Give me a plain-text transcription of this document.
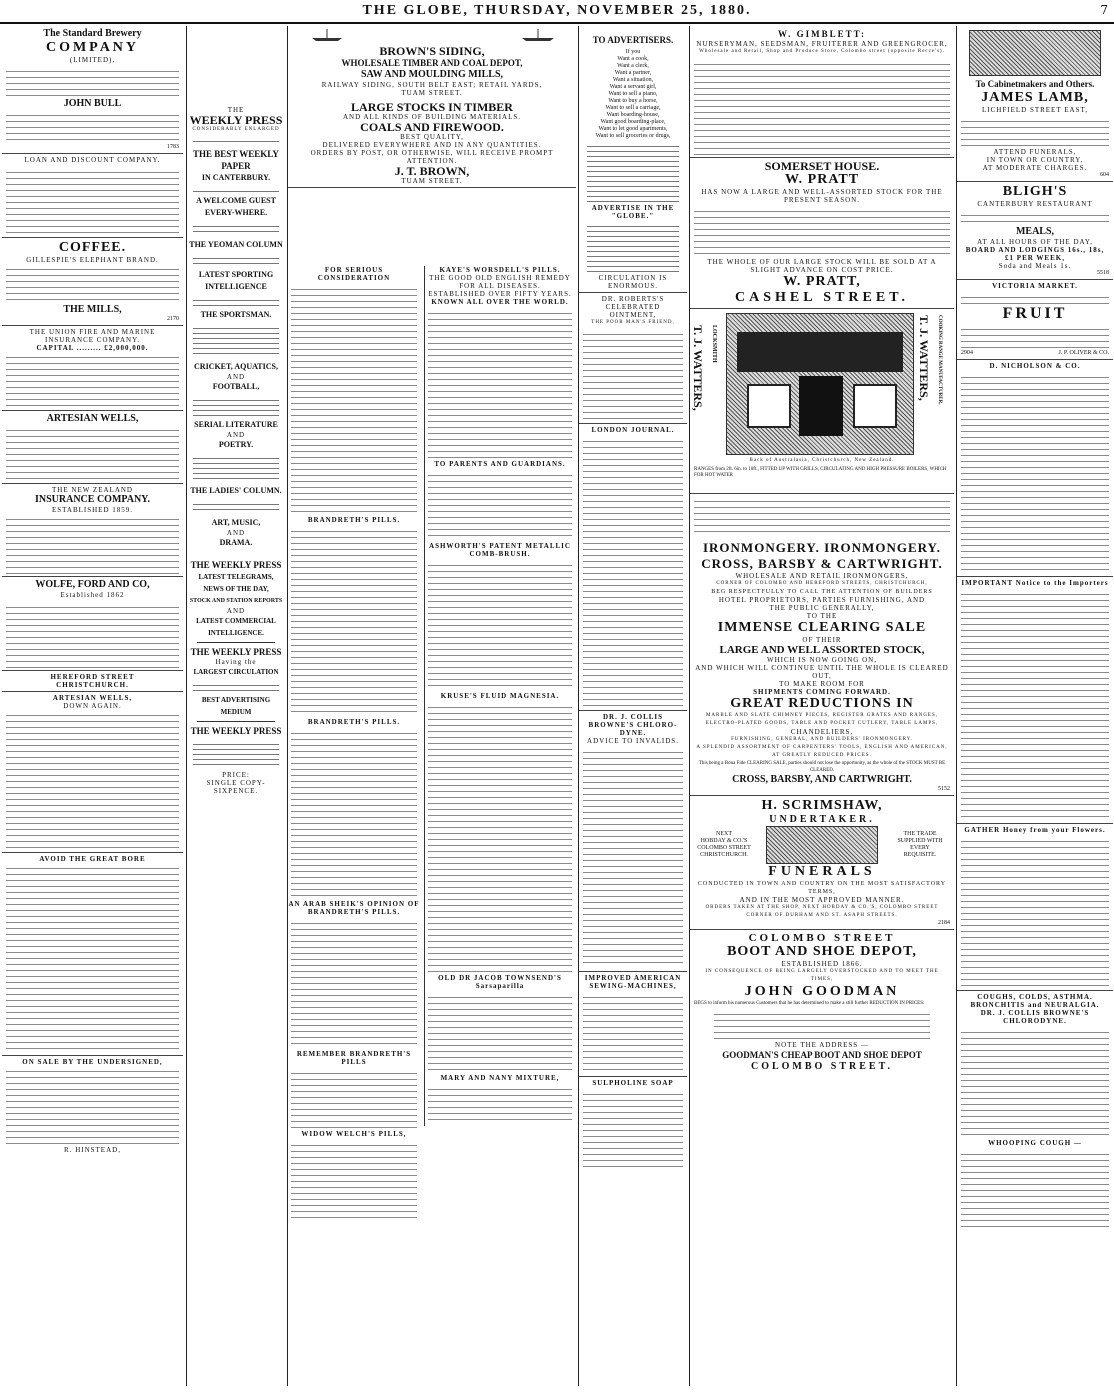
THE GLOBE, THURSDAY, NOVEMBER 25, 1880.	7
The Standard Brewery
COMPANY
(LIMITED),
JOHN BULL
1783
LOAN AND DISCOUNT COMPANY.
COFFEE.
GILLESPIE'S ELEPHANT BRAND.
THE MILLS,
2170
THE UNION FIRE AND MARINE INSURANCE COMPANY.
CAPITAL ......... £2,000,000.
ARTESIAN WELLS,
THE NEW ZEALAND
INSURANCE COMPANY.
ESTABLISHED 1859.
WOLFE, FORD AND CO,
Established 1862
HEREFORD STREET
CHRISTCHURCH.
ARTESIAN WELLS,
DOWN AGAIN.
AVOID THE GREAT BORE
ON SALE BY THE UNDERSIGNED,
R. HINSTEAD,
THE
WEEKLY PRESS
CONSIDERABLY ENLARGED
THE BEST WEEKLY PAPER
IN CANTERBURY.
A WELCOME GUEST EVERY-WHERE.
THE YEOMAN COLUMN
LATEST SPORTING INTELLIGENCE
THE SPORTSMAN.
CRICKET, AQUATICS,
AND
FOOTBALL,
SERIAL LITERATURE
AND
POETRY.
THE LADIES' COLUMN.
ART, MUSIC,
AND
DRAMA.
THE WEEKLY PRESS
LATEST TELEGRAMS,
NEWS OF THE DAY,
STOCK AND STATION REPORTS
AND
LATEST COMMERCIAL INTELLIGENCE.
THE WEEKLY PRESS
Having the
LARGEST CIRCULATION
BEST ADVERTISING MEDIUM
THE WEEKLY PRESS
PRICE:
SINGLE COPY-SIXPENCE.
BROWN'S SIDING,
WHOLESALE TIMBER AND COAL DEPOT,
SAW AND MOULDING MILLS,
RAILWAY SIDING, SOUTH BELT EAST; RETAIL YARDS,
TUAM STREET.
LARGE STOCKS IN TIMBER
AND ALL KINDS OF BUILDING MATERIALS.
COALS AND FIREWOOD.
BEST QUALITY,
DELIVERED EVERYWHERE AND IN ANY QUANTITIES.
ORDERS BY POST, OR OTHERWISE, WILL RECEIVE PROMPT ATTENTION.
J. T. BROWN,
TUAM STREET.
FOR SERIOUS CONSIDERATION
BRANDRETH'S PILLS.
BRANDRETH'S PILLS.
AN ARAB SHEIK'S OPINION OF BRANDRETH'S PILLS.
REMEMBER BRANDRETH'S PILLS
WIDOW WELCH'S PILLS,
KAYE'S WORSDELL'S PILLS.
THE GOOD OLD ENGLISH REMEDY FOR ALL DISEASES.
ESTABLISHED OVER FIFTY YEARS.
KNOWN ALL OVER THE WORLD.
TO PARENTS AND GUARDIANS.
ASHWORTH'S PATENT METALLIC COMB-BRUSH.
KRUSE'S FLUID MAGNESIA.
OLD DR JACOB TOWNSEND'S Sarsaparilla
MARY AND NANY MIXTURE,
TO ADVERTISERS.
If you
Want a cook,
Want a clerk,
Want a partner,
Want a situation,
Want a servant girl,
Want to sell a piano,
Want to buy a horse,
Want to sell a carriage,
Want boarding-house,
Want good boarding-place,
Want to let good apartments,
Want to sell groceries or drugs,
ADVERTISE IN THE "GLOBE."
CIRCULATION IS ENORMOUS.
DR. ROBERTS'S
CELEBRATED OINTMENT,
THE POOR MAN'S FRIEND,
LONDON JOURNAL.
DR. J. COLLIS BROWNE'S CHLORO-DYNE.
ADVICE TO INVALIDS.
IMPROVED AMERICAN SEWING-MACHINES,
SULPHOLINE SOAP
W. GIMBLETT:
NURSERYMAN, SEEDSMAN, FRUITERER AND GREENGROCER,
Wholesale and Retail, Shop and Produce Store, Colombo street (opposite Recce's).
SOMERSET HOUSE.
W. PRATT
HAS NOW A LARGE AND WELL-ASSORTED STOCK FOR THE PRESENT SEASON.
THE WHOLE OF OUR LARGE STOCK WILL BE SOLD AT A SLIGHT ADVANCE ON COST PRICE.
W. PRATT,
CASHEL STREET.
T. J. WATTERS, LOCKSMITH	T. J. WATTERS, COOKING RANGE MANUFACTURER,
Back of Australasia, Christchurch, New Zealand.
RANGES from 2ft. 6in. to 10ft., FITTED UP WITH GRILLS, CIRCULATING AND HIGH PRESSURE BOILERS, WHICH FOR HOT WATER
IRONMONGERY. IRONMONGERY.
CROSS, BARSBY & CARTWRIGHT.
WHOLESALE AND RETAIL IRONMONGERS,
CORNER OF COLOMBO AND HEREFORD STREETS, CHRISTCHURCH,
BEG RESPECTFULLY TO CALL THE ATTENTION OF BUILDERS
HOTEL PROPRIETORS, PARTIES FURNISHING, AND
THE PUBLIC GENERALLY,
TO THE
IMMENSE CLEARING SALE
OF THEIR
LARGE AND WELL ASSORTED STOCK,
WHICH IS NOW GOING ON,
AND WHICH WILL CONTINUE UNTIL THE WHOLE IS CLEARED OUT,
TO MAKE ROOM FOR
SHIPMENTS COMING FORWARD.
GREAT REDUCTIONS IN
MARBLE AND SLATE CHIMNEY PIECES, REGISTER GRATES AND RANGES,
ELECTRO-PLATED GOODS, TABLE AND POCKET CUTLERY, TABLE LAMPS,
CHANDELIERS,
FURNISHING, GENERAL, AND BUILDERS' IRONMONGERY.
A SPLENDID ASSORTMENT OF CARPENTERS' TOOLS, ENGLISH AND AMERICAN, AT GREATLY REDUCED PRICES.
This being a Bona Fide CLEARING SALE, parties should not lose the opportunity, as the whole of the STOCK MUST BE CLEARED.
CROSS, BARSBY, AND CARTWRIGHT.
5152
H. SCRIMSHAW,
UNDERTAKER.
NEXT
HOBDAY & CO.'S
COLOMBO STREET
CHRISTCHURCH.
THE TRADE
SUPPLIED WITH
EVERY
REQUISITE.
FUNERALS
CONDUCTED IN TOWN AND COUNTRY ON THE MOST SATISFACTORY TERMS,
AND IN THE MOST APPROVED MANNER.
ORDERS TAKEN AT THE SHOP, NEXT HOBDAY & CO.'S, COLOMBO STREET
CORNER OF DURHAM AND ST. ASAPH STREETS.
2184
COLOMBO STREET
BOOT AND SHOE DEPOT,
ESTABLISHED 1866.
IN CONSEQUENCE OF BEING LARGELY OVERSTOCKED AND TO MEET THE TIMES,
JOHN GOODMAN
BEGS to inform his numerous Customers that he has determined to make a still further REDUCTION IN PRICES:
NOTE THE ADDRESS —
GOODMAN'S CHEAP BOOT AND SHOE DEPOT
COLOMBO STREET.
To Cabinetmakers and Others.
JAMES LAMB,
LICHFIELD STREET EAST,
ATTEND FUNERALS,
IN TOWN OR COUNTRY,
AT MODERATE CHARGES.
604
BLIGH'S
CANTERBURY RESTAURANT
MEALS,
AT ALL HOURS OF THE DAY,
BOARD AND LODGINGS 16s., 18s, £1 PER WEEK,
Soda and Meals 1s.
5518
VICTORIA MARKET.
FRUIT
2904	J. P. OLIVER & CO.
D. NICHOLSON & CO.
IMPORTANT Notice to the Importers
GATHER Honey from your Flowers.
COUGHS, COLDS, ASTHMA.
BRONCHITIS and NEURALGIA.
DR. J. COLLIS BROWNE'S CHLORODYNE.
WHOOPING COUGH —
